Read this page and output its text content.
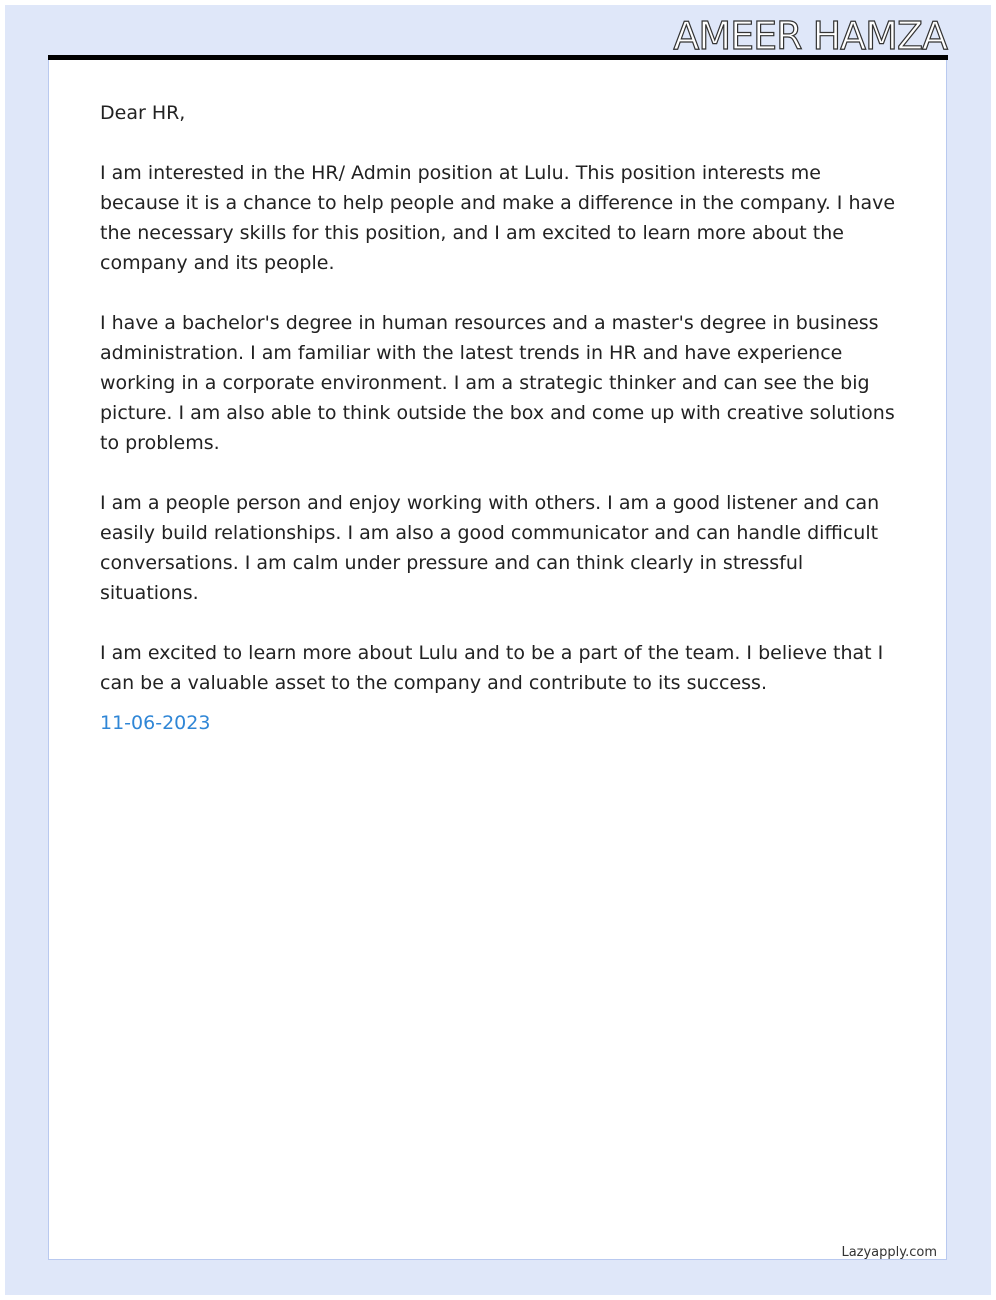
AMEER HAMZA

Dear HR,

I am interested in the HR/ Admin position at Lulu. This position interests me because it is a chance to help people and make a difference in the company. I have the necessary skills for this position, and I am excited to learn more about the company and its people.

I have a bachelor's degree in human resources and a master's degree in business administration. I am familiar with the latest trends in HR and have experience working in a corporate environment. I am a strategic thinker and can see the big picture. I am also able to think outside the box and come up with creative solutions to problems.

I am a people person and enjoy working with others. I am a good listener and can easily build relationships. I am also a good communicator and can handle difficult conversations. I am calm under pressure and can think clearly in stressful situations.

I am excited to learn more about Lulu and to be a part of the team. I believe that I can be a valuable asset to the company and contribute to its success.

11-06-2023
Lazyapply.com
